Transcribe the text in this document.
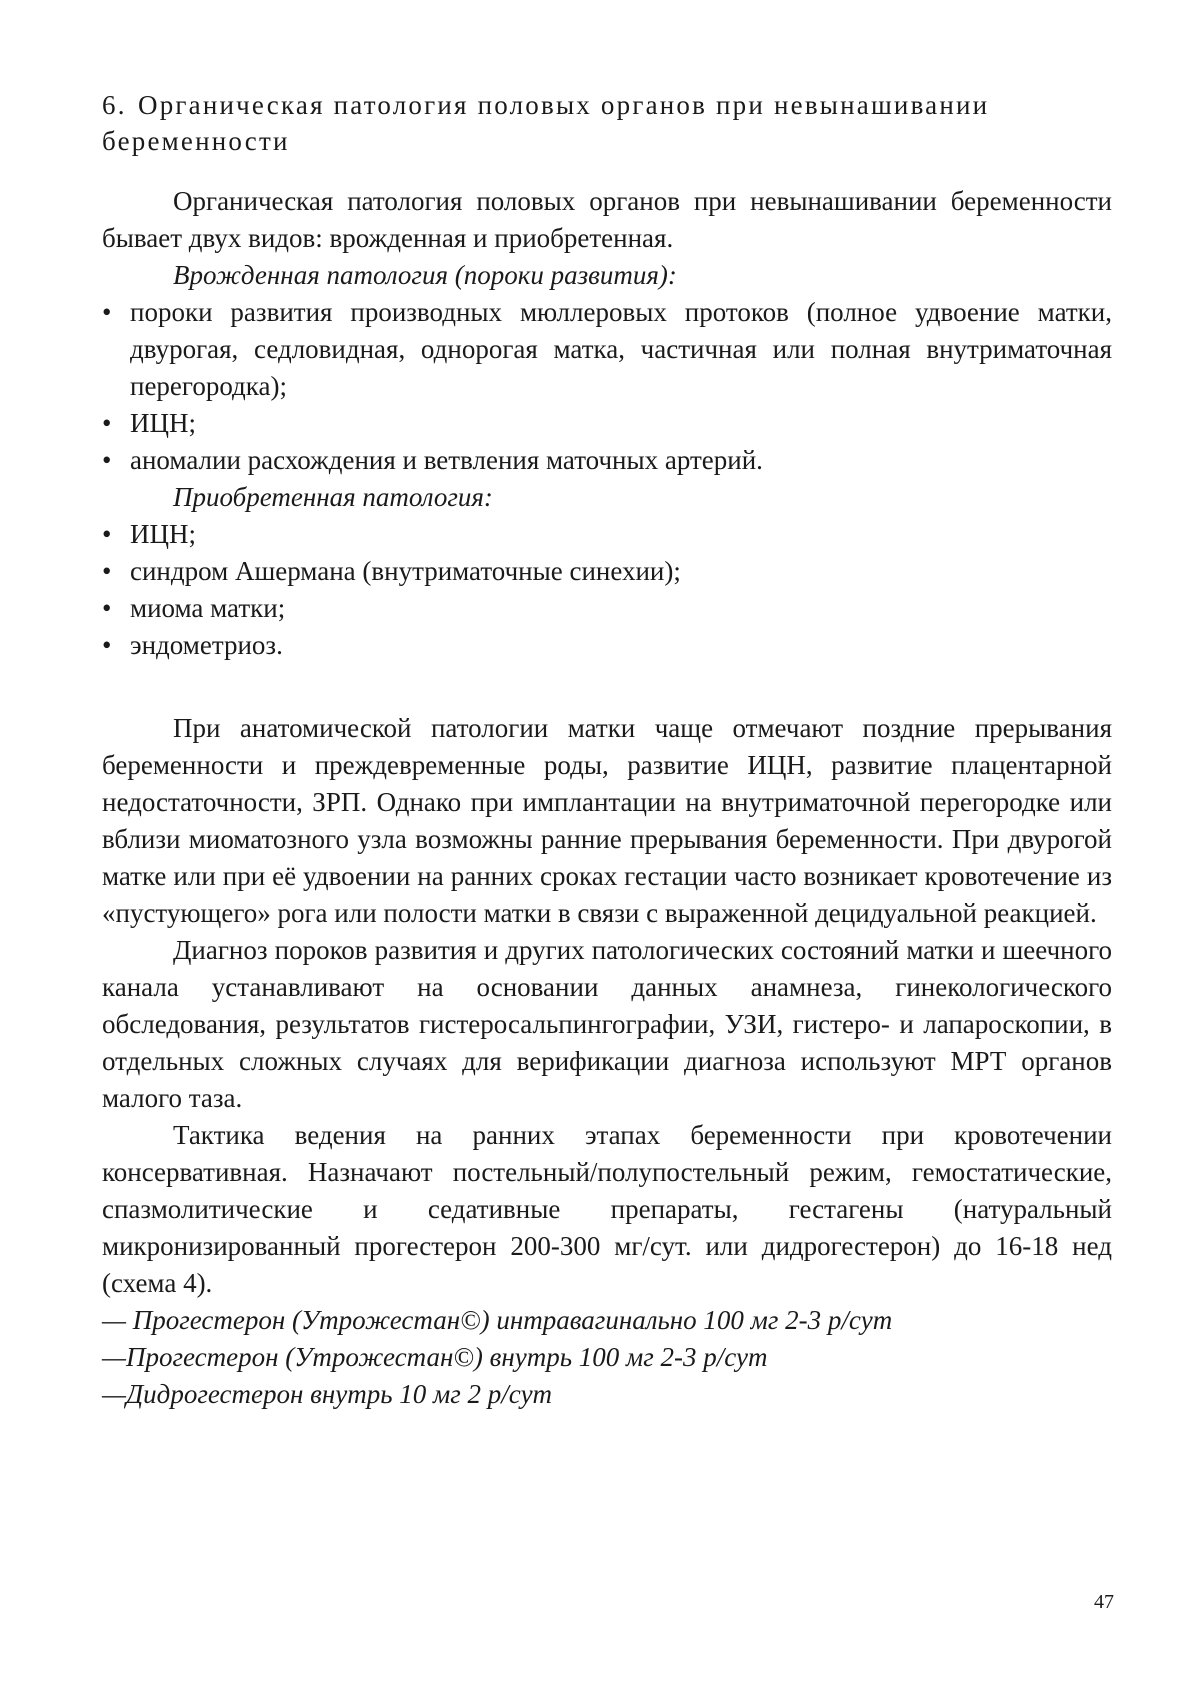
6. Органическая патология половых органов при невынашивании беременности

Органическая патология половых органов при невынашивании беременности бывает двух видов: врожденная и приобретенная.

Врожденная патология (пороки развития):

• пороки развития производных мюллеровых протоков (полное удвоение матки, двурогая, седловидная, однорогая матка, частичная или полная внутриматочная перегородка);
• ИЦН;
• аномалии расхождения и ветвления маточных артерий.

Приобретенная патология:

• ИЦН;
• синдром Ашермана (внутриматочные синехии);
• миома матки;
• эндометриоз.

При анатомической патологии матки чаще отмечают поздние прерывания беременности и преждевременные роды, развитие ИЦН, развитие плацентарной недостаточности, ЗРП. Однако при имплантации на внутриматочной перегородке или вблизи миоматозного узла возможны ранние прерывания беременности. При двурогой матке или при её удвоении на ранних сроках гестации часто возникает кровотечение из «пустующего» рога или полости матки в связи с выраженной децидуальной реакцией.

Диагноз пороков развития и других патологических состояний матки и шеечного канала устанавливают на основании данных анамнеза, гинекологического обследования, результатов гистеросальпингографии, УЗИ, гистеро- и лапароскопии, в отдельных сложных случаях для верификации диагноза используют МРТ органов малого таза.

Тактика ведения на ранних этапах беременности при кровотечении консервативная. Назначают постельный/полупостельный режим, гемостатические, спазмолитические и седативные препараты, гестагены (натуральный микронизированный прогестерон 200-300 мг/сут. или дидрогестерон) до 16-18 нед (схема 4).

— Прогестерон (Утрожестан©) интравагинально 100 мг 2-3 р/сут
—Прогестерон (Утрожестан©) внутрь 100 мг 2-3 р/сут
—Дидрогестерон внутрь 10 мг 2 р/сут
47
